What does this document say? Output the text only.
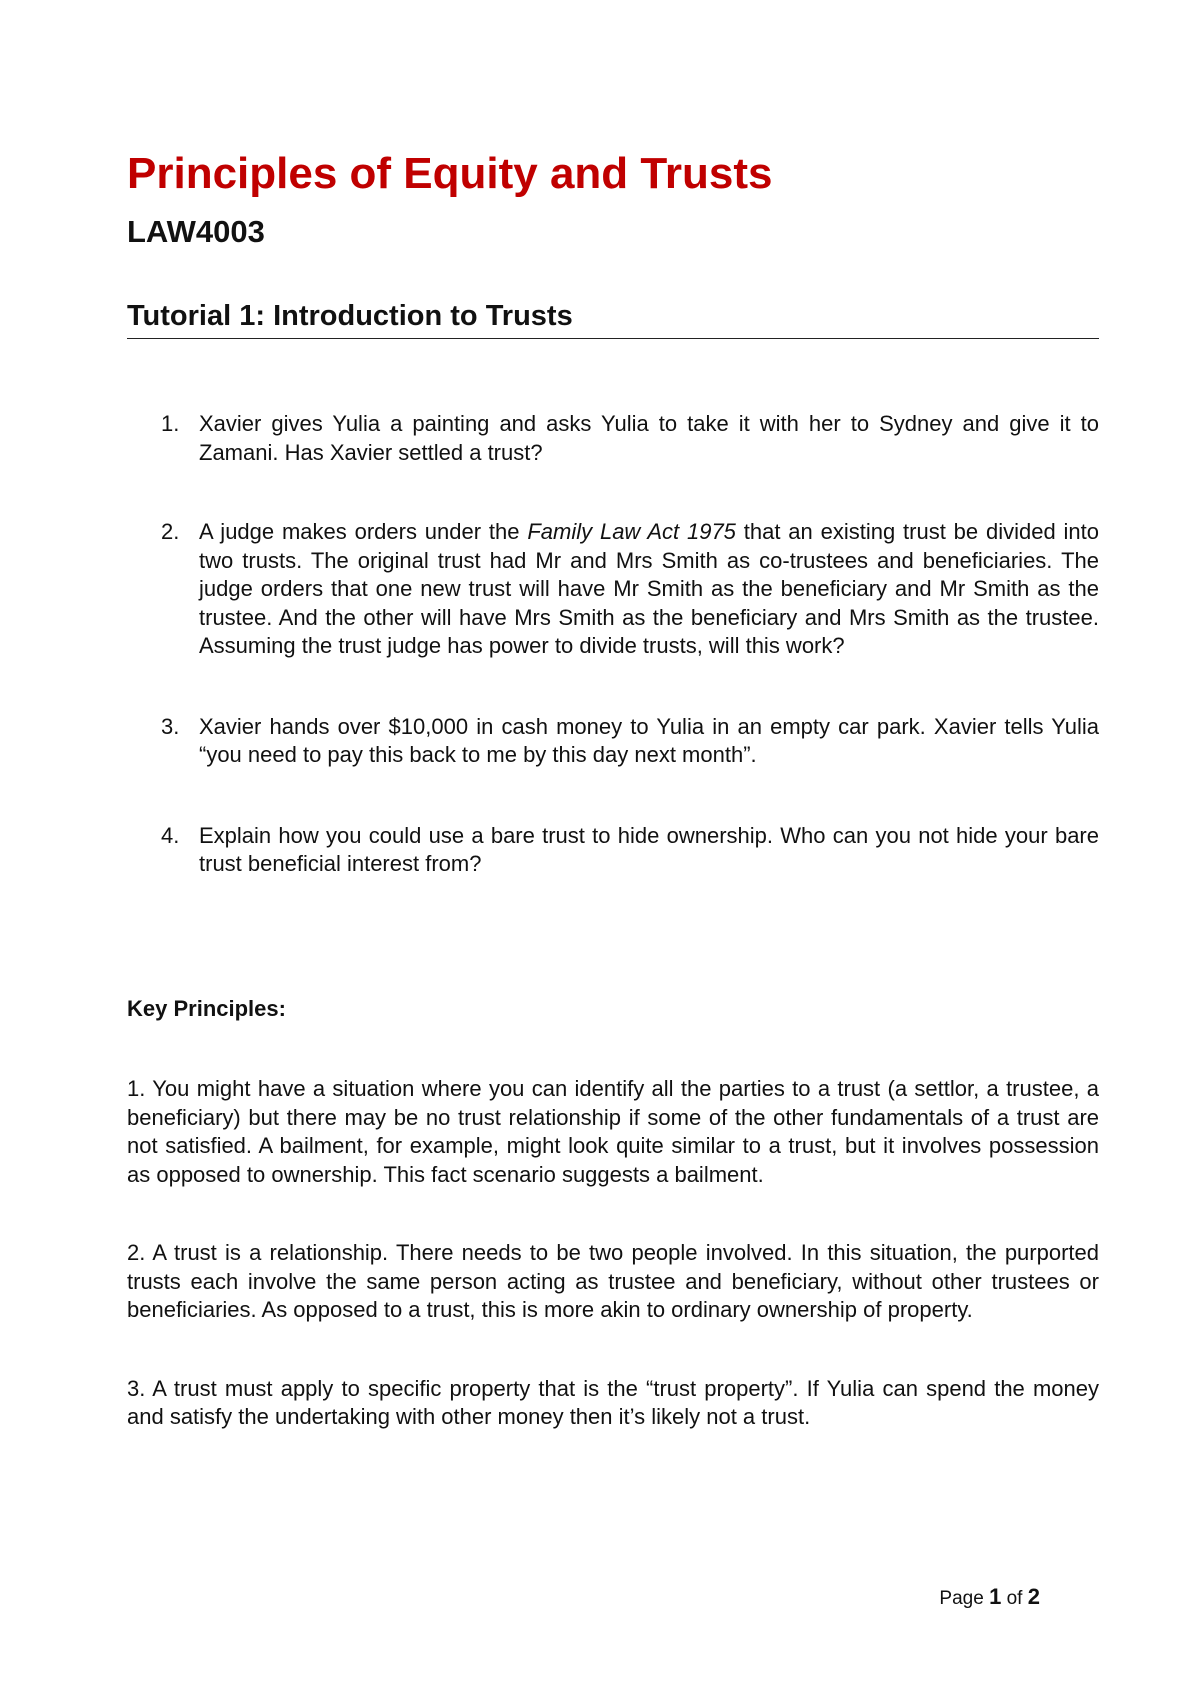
Principles of Equity and Trusts
LAW4003
Tutorial 1: Introduction to Trusts
1. Xavier gives Yulia a painting and asks Yulia to take it with her to Sydney and give it to Zamani. Has Xavier settled a trust?
2. A judge makes orders under the Family Law Act 1975 that an existing trust be divided into two trusts. The original trust had Mr and Mrs Smith as co-trustees and beneficiaries. The judge orders that one new trust will have Mr Smith as the beneficiary and Mr Smith as the trustee. And the other will have Mrs Smith as the beneficiary and Mrs Smith as the trustee. Assuming the trust judge has power to divide trusts, will this work?
3. Xavier hands over $10,000 in cash money to Yulia in an empty car park. Xavier tells Yulia “you need to pay this back to me by this day next month”.
4. Explain how you could use a bare trust to hide ownership. Who can you not hide your bare trust beneficial interest from?
Key Principles:

1. You might have a situation where you can identify all the parties to a trust (a settlor, a trustee, a beneficiary) but there may be no trust relationship if some of the other fundamentals of a trust are not satisfied. A bailment, for example, might look quite similar to a trust, but it involves possession as opposed to ownership. This fact scenario suggests a bailment.

2. A trust is a relationship. There needs to be two people involved. In this situation, the purported trusts each involve the same person acting as trustee and beneficiary, without other trustees or beneficiaries. As opposed to a trust, this is more akin to ordinary ownership of property.

3. A trust must apply to specific property that is the “trust property”. If Yulia can spend the money and satisfy the undertaking with other money then it’s likely not a trust.

Page 1 of 2
